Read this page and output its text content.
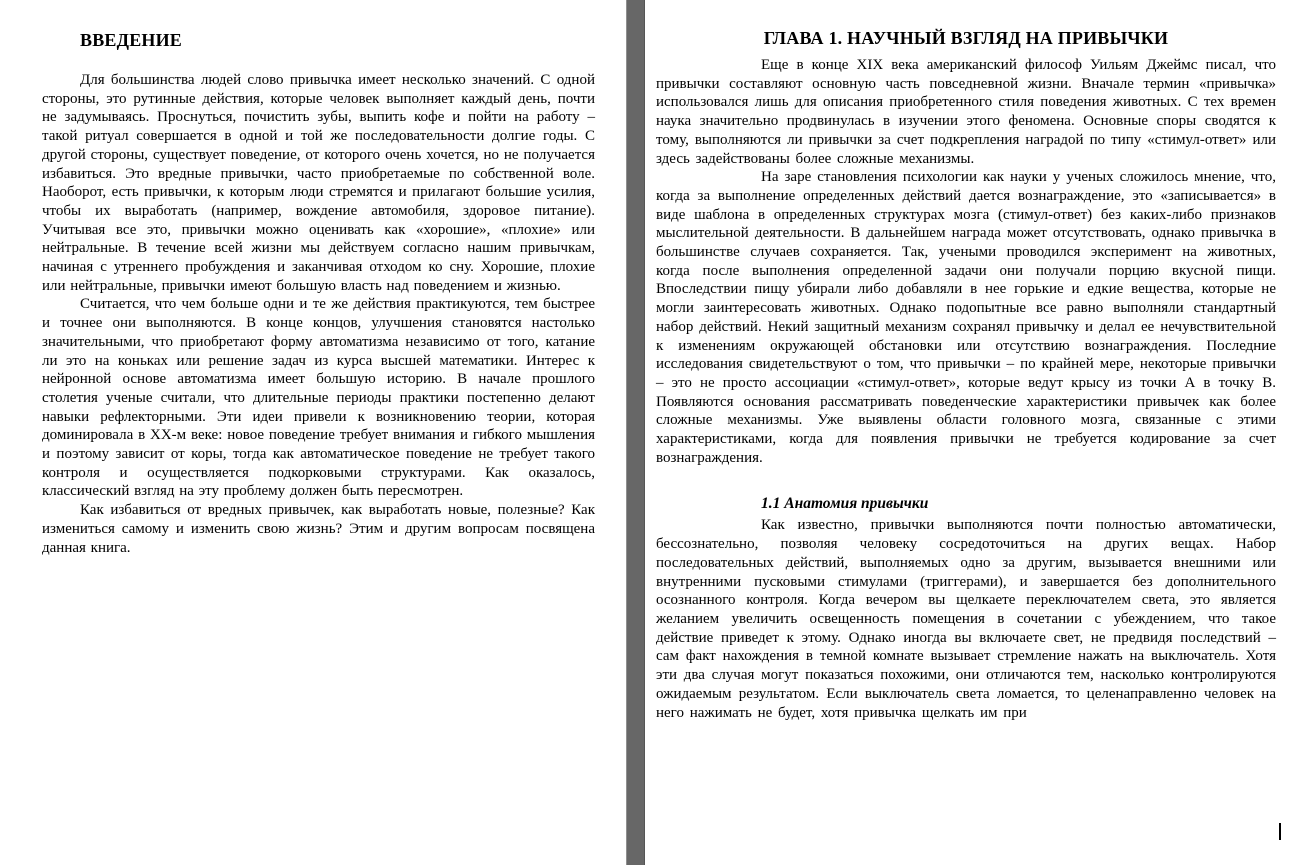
ВВЕДЕНИЕ

Для большинства людей слово привычка имеет несколько значений. С одной стороны, это рутинные действия, которые человек выполняет каждый день, почти не задумываясь. Проснуться, почистить зубы, выпить кофе и пойти на работу – такой ритуал совершается в одной и той же последовательности долгие годы. С другой стороны, существует поведение, от которого очень хочется, но не получается избавиться. Это вредные привычки, часто приобретаемые по собственной воле. Наоборот, есть привычки, к которым люди стремятся и прилагают большие усилия, чтобы их выработать (например, вождение автомобиля, здоровое питание). Учитывая все это, привычки можно оценивать как «хорошие», «плохие» или нейтральные. В течение всей жизни мы действуем согласно нашим привычкам, начиная с утреннего пробуждения и заканчивая отходом ко сну. Хорошие, плохие или нейтральные, привычки имеют большую власть над поведением и жизнью.

Считается, что чем больше одни и те же действия практикуются, тем быстрее и точнее они выполняются. В конце концов, улучшения становятся настолько значительными, что приобретают форму автоматизма независимо от того, катание ли это на коньках или решение задач из курса высшей математики. Интерес к нейронной основе автоматизма имеет большую историю. В начале прошлого столетия ученые считали, что длительные периоды практики постепенно делают навыки рефлекторными. Эти идеи привели к возникновению теории, которая доминировала в XX-м веке: новое поведение требует внимания и гибкого мышления и поэтому зависит от коры, тогда как автоматическое поведение не требует такого контроля и осуществляется подкорковыми структурами. Как оказалось, классический взгляд на эту проблему должен быть пересмотрен.

Как избавиться от вредных привычек, как выработать новые, полезные? Как измениться самому и изменить свою жизнь? Этим и другим вопросам посвящена данная книга.

ГЛАВА 1. НАУЧНЫЙ ВЗГЛЯД НА ПРИВЫЧКИ

Еще в конце XIX века американский философ Уильям Джеймс писал, что привычки составляют основную часть повседневной жизни. Вначале термин «привычка» использовался лишь для описания приобретенного стиля поведения животных. С тех времен наука значительно продвинулась в изучении этого феномена. Основные споры сводятся к тому, выполняются ли привычки за счет подкрепления наградой по типу «стимул-ответ» или здесь задействованы более сложные механизмы.

На заре становления психологии как науки у ученых сложилось мнение, что, когда за выполнение определенных действий дается вознаграждение, это «записывается» в виде шаблона в определенных структурах мозга (стимул-ответ) без каких-либо признаков мыслительной деятельности. В дальнейшем награда может отсутствовать, однако привычка в большинстве случаев сохраняется. Так, учеными проводился эксперимент на животных, когда после выполнения определенной задачи они получали порцию вкусной пищи. Впоследствии пищу убирали либо добавляли в нее горькие и едкие вещества, которые не могли заинтересовать животных. Однако подопытные все равно выполняли стандартный набор действий. Некий защитный механизм сохранял привычку и делал ее нечувствительной к изменениям окружающей обстановки или отсутствию вознаграждения. Последние исследования свидетельствуют о том, что привычки – по крайней мере, некоторые привычки – это не просто ассоциации «стимул-ответ», которые ведут крысу из точки А в точку В. Появляются основания рассматривать поведенческие характеристики привычек как более сложные механизмы. Уже выявлены области головного мозга, связанные с этими характеристиками, когда для появления привычки не требуется кодирование за счет вознаграждения.

1.1 Анатомия привычки

Как известно, привычки выполняются почти полностью автоматически, бессознательно, позволяя человеку сосредоточиться на других вещах. Набор последовательных действий, выполняемых одно за другим, вызывается внешними или внутренними пусковыми стимулами (триггерами), и завершается без дополнительного осознанного контроля. Когда вечером вы щелкаете переключателем света, это является желанием увеличить освещенность помещения в сочетании с убеждением, что такое действие приведет к этому. Однако иногда вы включаете свет, не предвидя последствий – сам факт нахождения в темной комнате вызывает стремление нажать на выключатель. Хотя эти два случая могут показаться похожими, они отличаются тем, насколько контролируются ожидаемым результатом. Если выключатель света ломается, то целенаправленно человек на него нажимать не будет, хотя привычка щелкать им при
